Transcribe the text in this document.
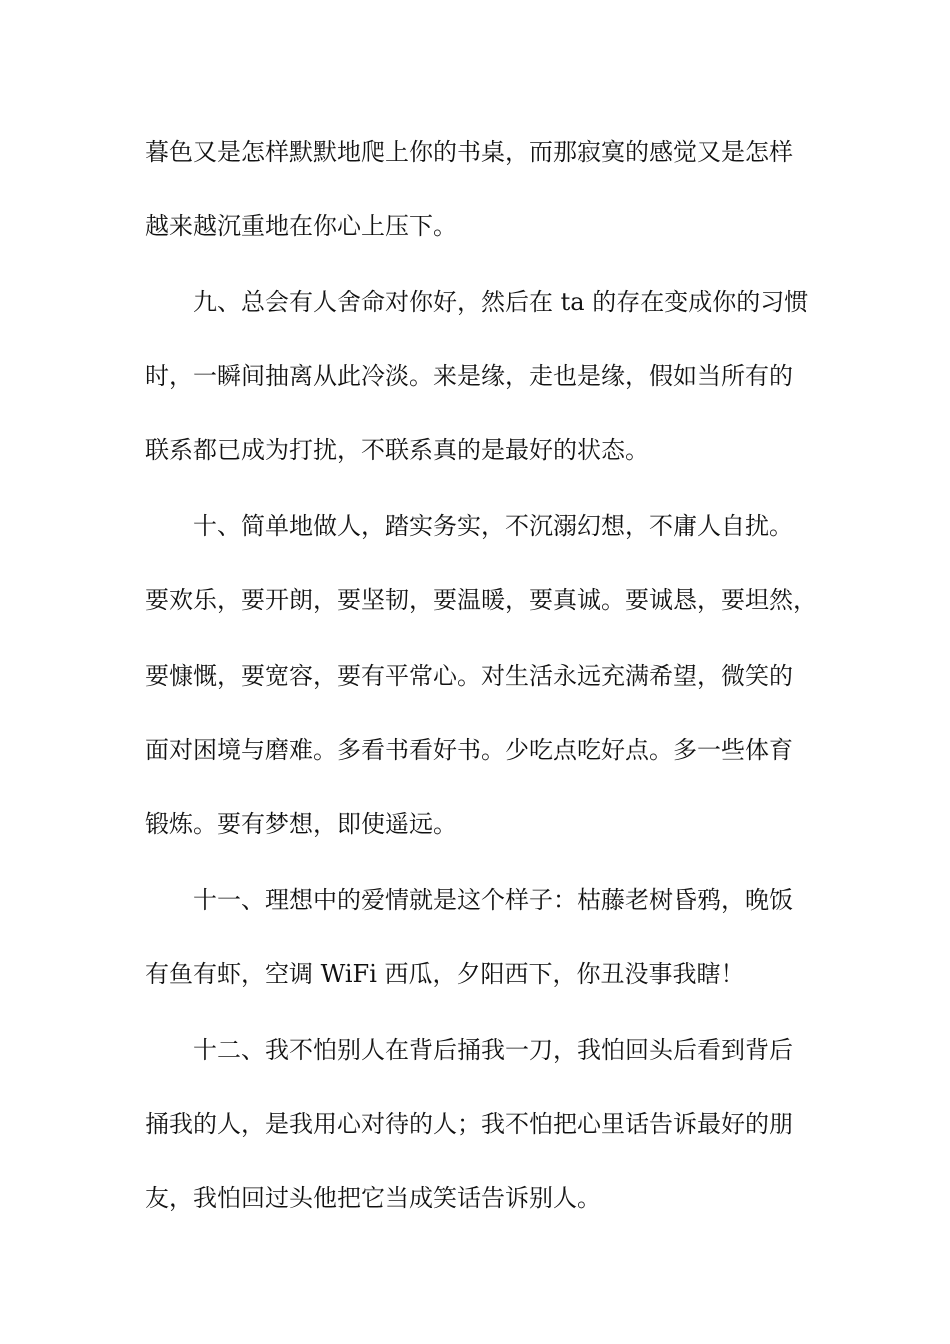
暮色又是怎样默默地爬上你的书桌，而那寂寞的感觉又是怎样
越来越沉重地在你心上压下。
九、总会有人舍命对你好，然后在 ta 的存在变成你的习惯
时，一瞬间抽离从此冷淡。来是缘，走也是缘，假如当所有的
联系都已成为打扰，不联系真的是最好的状态。
十、简单地做人，踏实务实，不沉溺幻想，不庸人自扰。
要欢乐，要开朗，要坚韧，要温暖，要真诚。要诚恳，要坦然，
要慷慨，要宽容，要有平常心。对生活永远充满希望，微笑的
面对困境与磨难。多看书看好书。少吃点吃好点。多一些体育
锻炼。要有梦想，即使遥远。
十一、理想中的爱情就是这个样子：枯藤老树昏鸦，晚饭
有鱼有虾，空调 WiFi 西瓜，夕阳西下，你丑没事我瞎！
十二、我不怕别人在背后捅我一刀，我怕回头后看到背后
捅我的人，是我用心对待的人；我不怕把心里话告诉最好的朋
友，我怕回过头他把它当成笑话告诉别人。
